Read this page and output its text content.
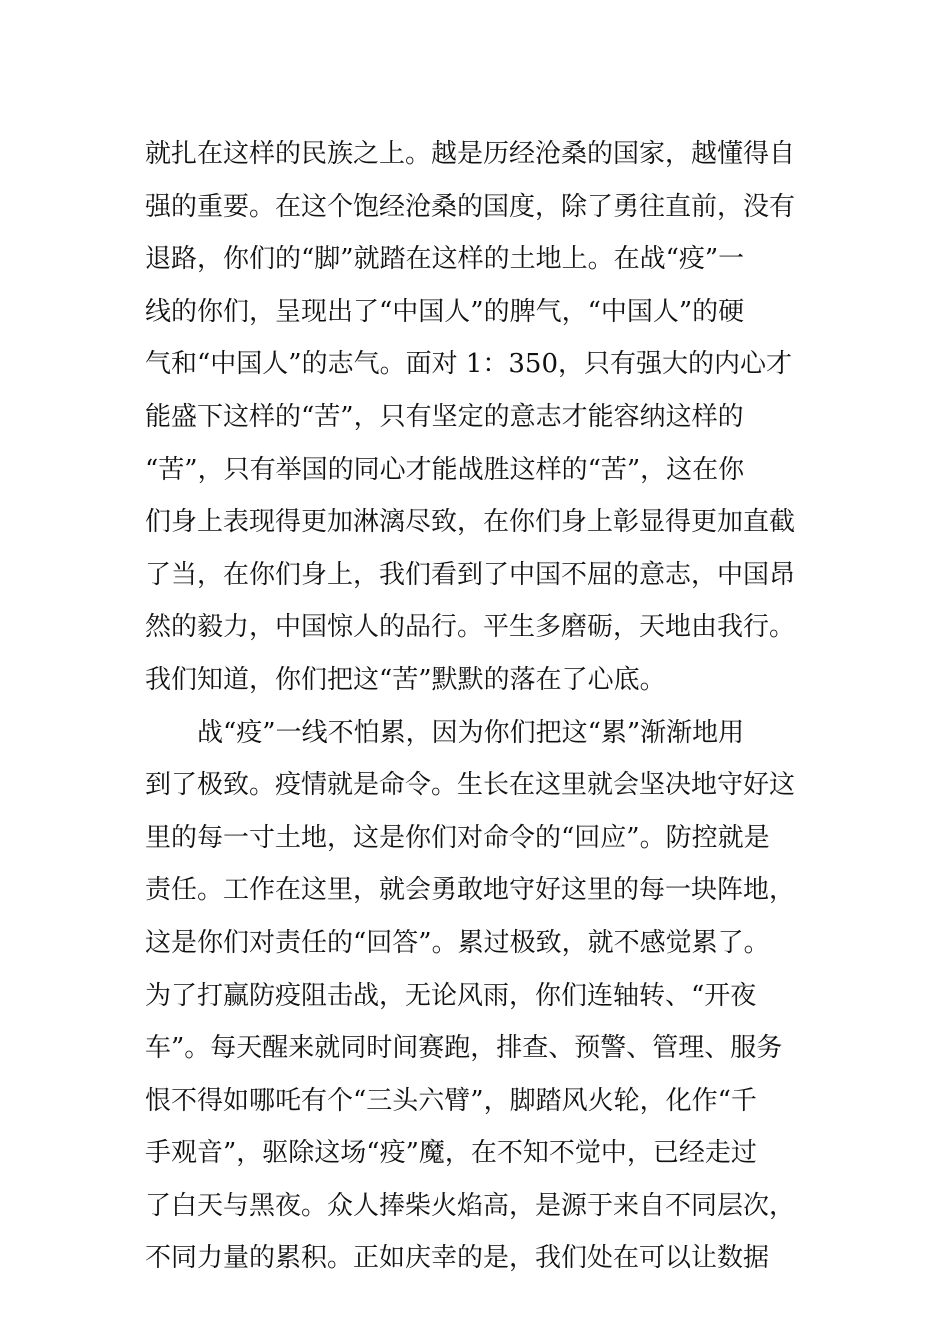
就扎在这样的民族之上。越是历经沧桑的国家，越懂得自
强的重要。在这个饱经沧桑的国度，除了勇往直前，没有
退路，你们的“脚”就踏在这样的土地上。在战“疫”一
线的你们，呈现出了“中国人”的脾气，“中国人”的硬
气和“中国人”的志气。面对 1：350，只有强大的内心才
能盛下这样的“苦”，只有坚定的意志才能容纳这样的
“苦”，只有举国的同心才能战胜这样的“苦”，这在你
们身上表现得更加淋漓尽致，在你们身上彰显得更加直截
了当，在你们身上，我们看到了中国不屈的意志，中国昂
然的毅力，中国惊人的品行。平生多磨砺，天地由我行。
我们知道，你们把这“苦”默默的落在了心底。
战“疫”一线不怕累，因为你们把这“累”渐渐地用
到了极致。疫情就是命令。生长在这里就会坚决地守好这
里的每一寸土地，这是你们对命令的“回应”。防控就是
责任。工作在这里，就会勇敢地守好这里的每一块阵地，
这是你们对责任的“回答”。累过极致，就不感觉累了。
为了打赢防疫阻击战，无论风雨，你们连轴转、“开夜
车”。每天醒来就同时间赛跑，排查、预警、管理、服务
恨不得如哪吒有个“三头六臂”，脚踏风火轮，化作“千
手观音”，驱除这场“疫”魔，在不知不觉中，已经走过
了白天与黑夜。众人捧柴火焰高，是源于来自不同层次，
不同力量的累积。正如庆幸的是，我们处在可以让数据
